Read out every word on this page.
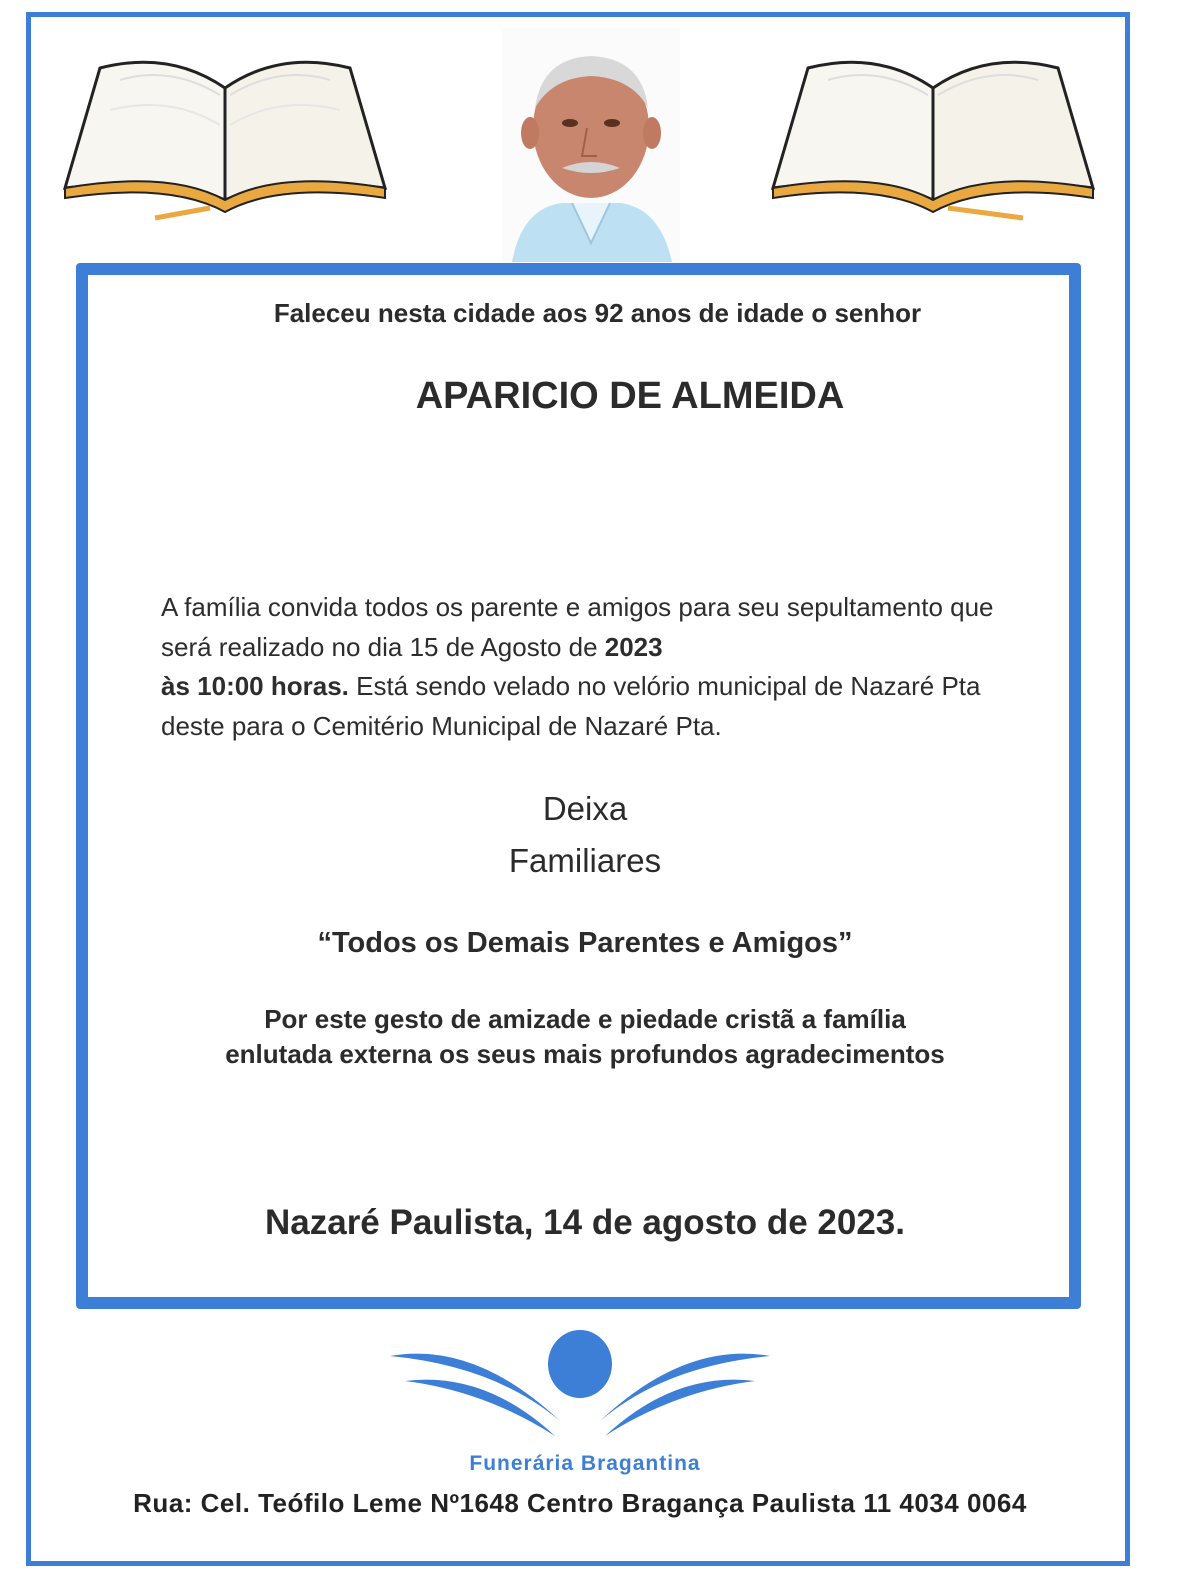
Faleceu nesta cidade aos 92 anos de idade o senhor
APARICIO DE ALMEIDA
A família convida todos os parente e amigos para seu sepultamento que será realizado no dia 15 de Agosto de 2023
às 10:00 horas. Está sendo velado no velório municipal de Nazaré Pta deste para o Cemitério Municipal de Nazaré Pta.
Deixa
Familiares
“Todos os Demais Parentes e Amigos”
Por este gesto de amizade e piedade cristã a família
enlutada externa os seus mais profundos agradecimentos
Nazaré Paulista, 14 de agosto de 2023.
Funerária Bragantina
Rua: Cel. Teófilo Leme Nº1648 Centro Bragança Paulista 11 4034 0064
